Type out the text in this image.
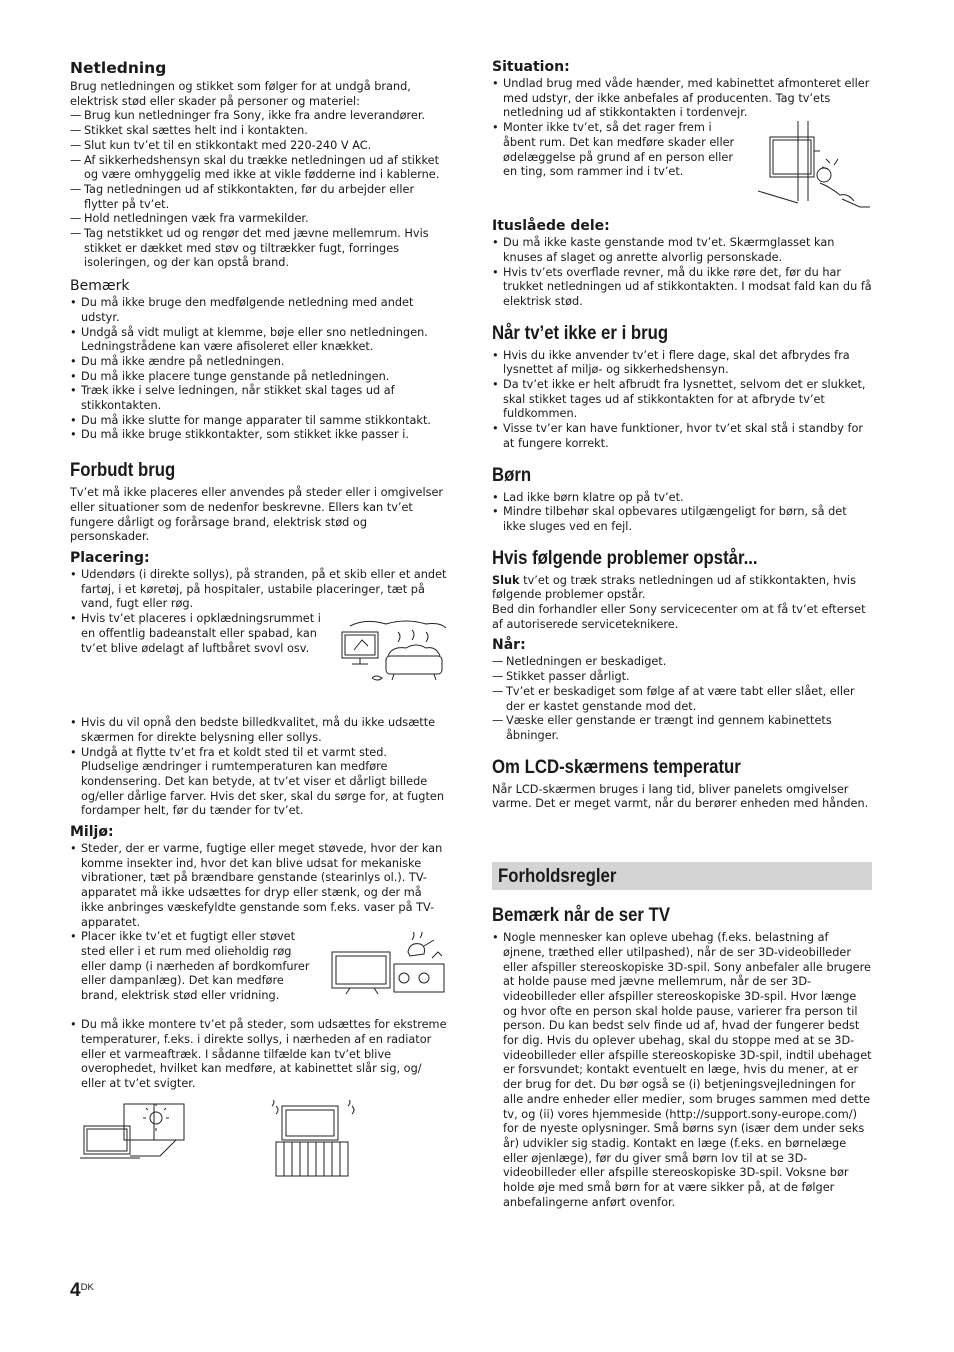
Netledning

Brug netledningen og stikket som følger for at undgå brand, elektrisk stød eller skader på personer og materiel:

— Brug kun netledninger fra Sony, ikke fra andre leverandører.
— Stikket skal sættes helt ind i kontakten.
— Slut kun tv’et til en stikkontakt med 220-240 V AC.
— Af sikkerhedshensyn skal du trække netledningen ud af stikket og være omhyggelig med ikke at vikle fødderne ind i kablerne.
— Tag netledningen ud af stikkontakten, før du arbejder eller flytter på tv’et.
— Hold netledningen væk fra varmekilder.
— Tag netstikket ud og rengør det med jævne mellemrum. Hvis stikket er dækket med støv og tiltrækker fugt, forringes isoleringen, og der kan opstå brand.
Bemærk
• Du må ikke bruge den medfølgende netledning med andet udstyr.
• Undgå så vidt muligt at klemme, bøje eller sno netledningen. Ledningstrådene kan være afisoleret eller knækket.
• Du må ikke ændre på netledningen.
• Du må ikke placere tunge genstande på netledningen.
• Træk ikke i selve ledningen, når stikket skal tages ud af stikkontakten.
• Du må ikke slutte for mange apparater til samme stikkontakt.
• Du må ikke bruge stikkontakter, som stikket ikke passer i.
Forbudt brug

Tv’et må ikke placeres eller anvendes på steder eller i omgivelser eller situationer som de nedenfor beskrevne. Ellers kan tv’et fungere dårligt og forårsage brand, elektrisk stød og personskader.

Placering:
• Udendørs (i direkte sollys), på stranden, på et skib eller et andet fartøj, i et køretøj, på hospitaler, ustabile placeringer, tæt på vand, fugt eller røg.
• Hvis tv’et placeres i opklædningsrummet i en offentlig badeanstalt eller spabad, kan tv’et blive ødelagt af luftbåret svovl osv.
• Hvis du vil opnå den bedste billedkvalitet, må du ikke udsætte skærmen for direkte belysning eller sollys.
• Undgå at flytte tv’et fra et koldt sted til et varmt sted. Pludselige ændringer i rumtemperaturen kan medføre kondensering. Det kan betyde, at tv’et viser et dårligt billede og/eller dårlige farver. Hvis det sker, skal du sørge for, at fugten fordamper helt, før du tænder for tv’et.
Miljø:
• Steder, der er varme, fugtige eller meget støvede, hvor der kan komme insekter ind, hvor det kan blive udsat for mekaniske vibrationer, tæt på brændbare genstande (stearinlys ol.). TV-apparatet må ikke udsættes for dryp eller stænk, og der må ikke anbringes væskefyldte genstande som f.eks. vaser på TV-apparatet.
• Placer ikke tv’et et fugtigt eller støvet sted eller i et rum med olieholdig røg eller damp (i nærheden af bordkomfurer eller dampanlæg). Det kan medføre brand, elektrisk stød eller vridning.
• Du må ikke montere tv’et på steder, som udsættes for ekstreme temperaturer, f.eks. i direkte sollys, i nærheden af en radiator eller et varmeaftræk. I sådanne tilfælde kan tv’et blive overophedet, hvilket kan medføre, at kabinettet slår sig, og/ eller at tv’et svigter.
Situation:
• Undlad brug med våde hænder, med kabinettet afmonteret eller med udstyr, der ikke anbefales af producenten. Tag tv’ets netledning ud af stikkontakten i tordenvejr.
• Monter ikke tv’et, så det rager frem i åbent rum. Det kan medføre skader eller ødelæggelse på grund af en person eller en ting, som rammer ind i tv’et.
Ituslåede dele:
• Du må ikke kaste genstande mod tv’et. Skærmglasset kan knuses af slaget og anrette alvorlig personskade.
• Hvis tv’ets overflade revner, må du ikke røre det, før du har trukket netledningen ud af stikkontakten. I modsat fald kan du få elektrisk stød.
Når tv’et ikke er i brug
• Hvis du ikke anvender tv’et i flere dage, skal det afbrydes fra lysnettet af miljø- og sikkerhedshensyn.
• Da tv’et ikke er helt afbrudt fra lysnettet, selvom det er slukket, skal stikket tages ud af stikkontakten for at afbryde tv’et fuldkommen.
• Visse tv’er kan have funktioner, hvor tv’et skal stå i standby for at fungere korrekt.
Børn
• Lad ikke børn klatre op på tv’et.
• Mindre tilbehør skal opbevares utilgængeligt for børn, så det ikke sluges ved en fejl.
Hvis følgende problemer opstår...

Sluk tv’et og træk straks netledningen ud af stikkontakten, hvis følgende problemer opstår.

Bed din forhandler eller Sony servicecenter om at få tv’et efterset af autoriserede serviceteknikere.

Når:
— Netledningen er beskadiget.
— Stikket passer dårligt.
— Tv’et er beskadiget som følge af at være tabt eller slået, eller der er kastet genstande mod det.
— Væske eller genstande er trængt ind gennem kabinettets åbninger.
Om LCD-skærmens temperatur

Når LCD-skærmen bruges i lang tid, bliver panelets omgivelser varme. Det er meget varmt, når du berører enheden med hånden.

Forholdsregler
Bemærk når de ser TV
• Nogle mennesker kan opleve ubehag (f.eks. belastning af øjnene, træthed eller utilpashed), når de ser 3D-videobilleder eller afspiller stereoskopiske 3D-spil. Sony anbefaler alle brugere at holde pause med jævne mellemrum, når de ser 3D-videobilleder eller afspiller stereoskopiske 3D-spil. Hvor længe og hvor ofte en person skal holde pause, varierer fra person til person. Du kan bedst selv finde ud af, hvad der fungerer bedst for dig. Hvis du oplever ubehag, skal du stoppe med at se 3D-videobilleder eller afspille stereoskopiske 3D-spil, indtil ubehaget er forsvundet; kontakt eventuelt en læge, hvis du mener, at er der brug for det. Du bør også se (i) betjeningsvejledningen for alle andre enheder eller medier, som bruges sammen med dette tv, og (ii) vores hjemmeside (http://support.sony-europe.com/) for de nyeste oplysninger. Små børns syn (især dem under seks år) udvikler sig stadig. Kontakt en læge (f.eks. en børnelæge eller øjenlæge), før du giver små børn lov til at se 3D-videobilleder eller afspille stereoskopiske 3D-spil. Voksne bør holde øje med små børn for at være sikker på, at de følger anbefalingerne anført ovenfor.
$4^{DK}$
